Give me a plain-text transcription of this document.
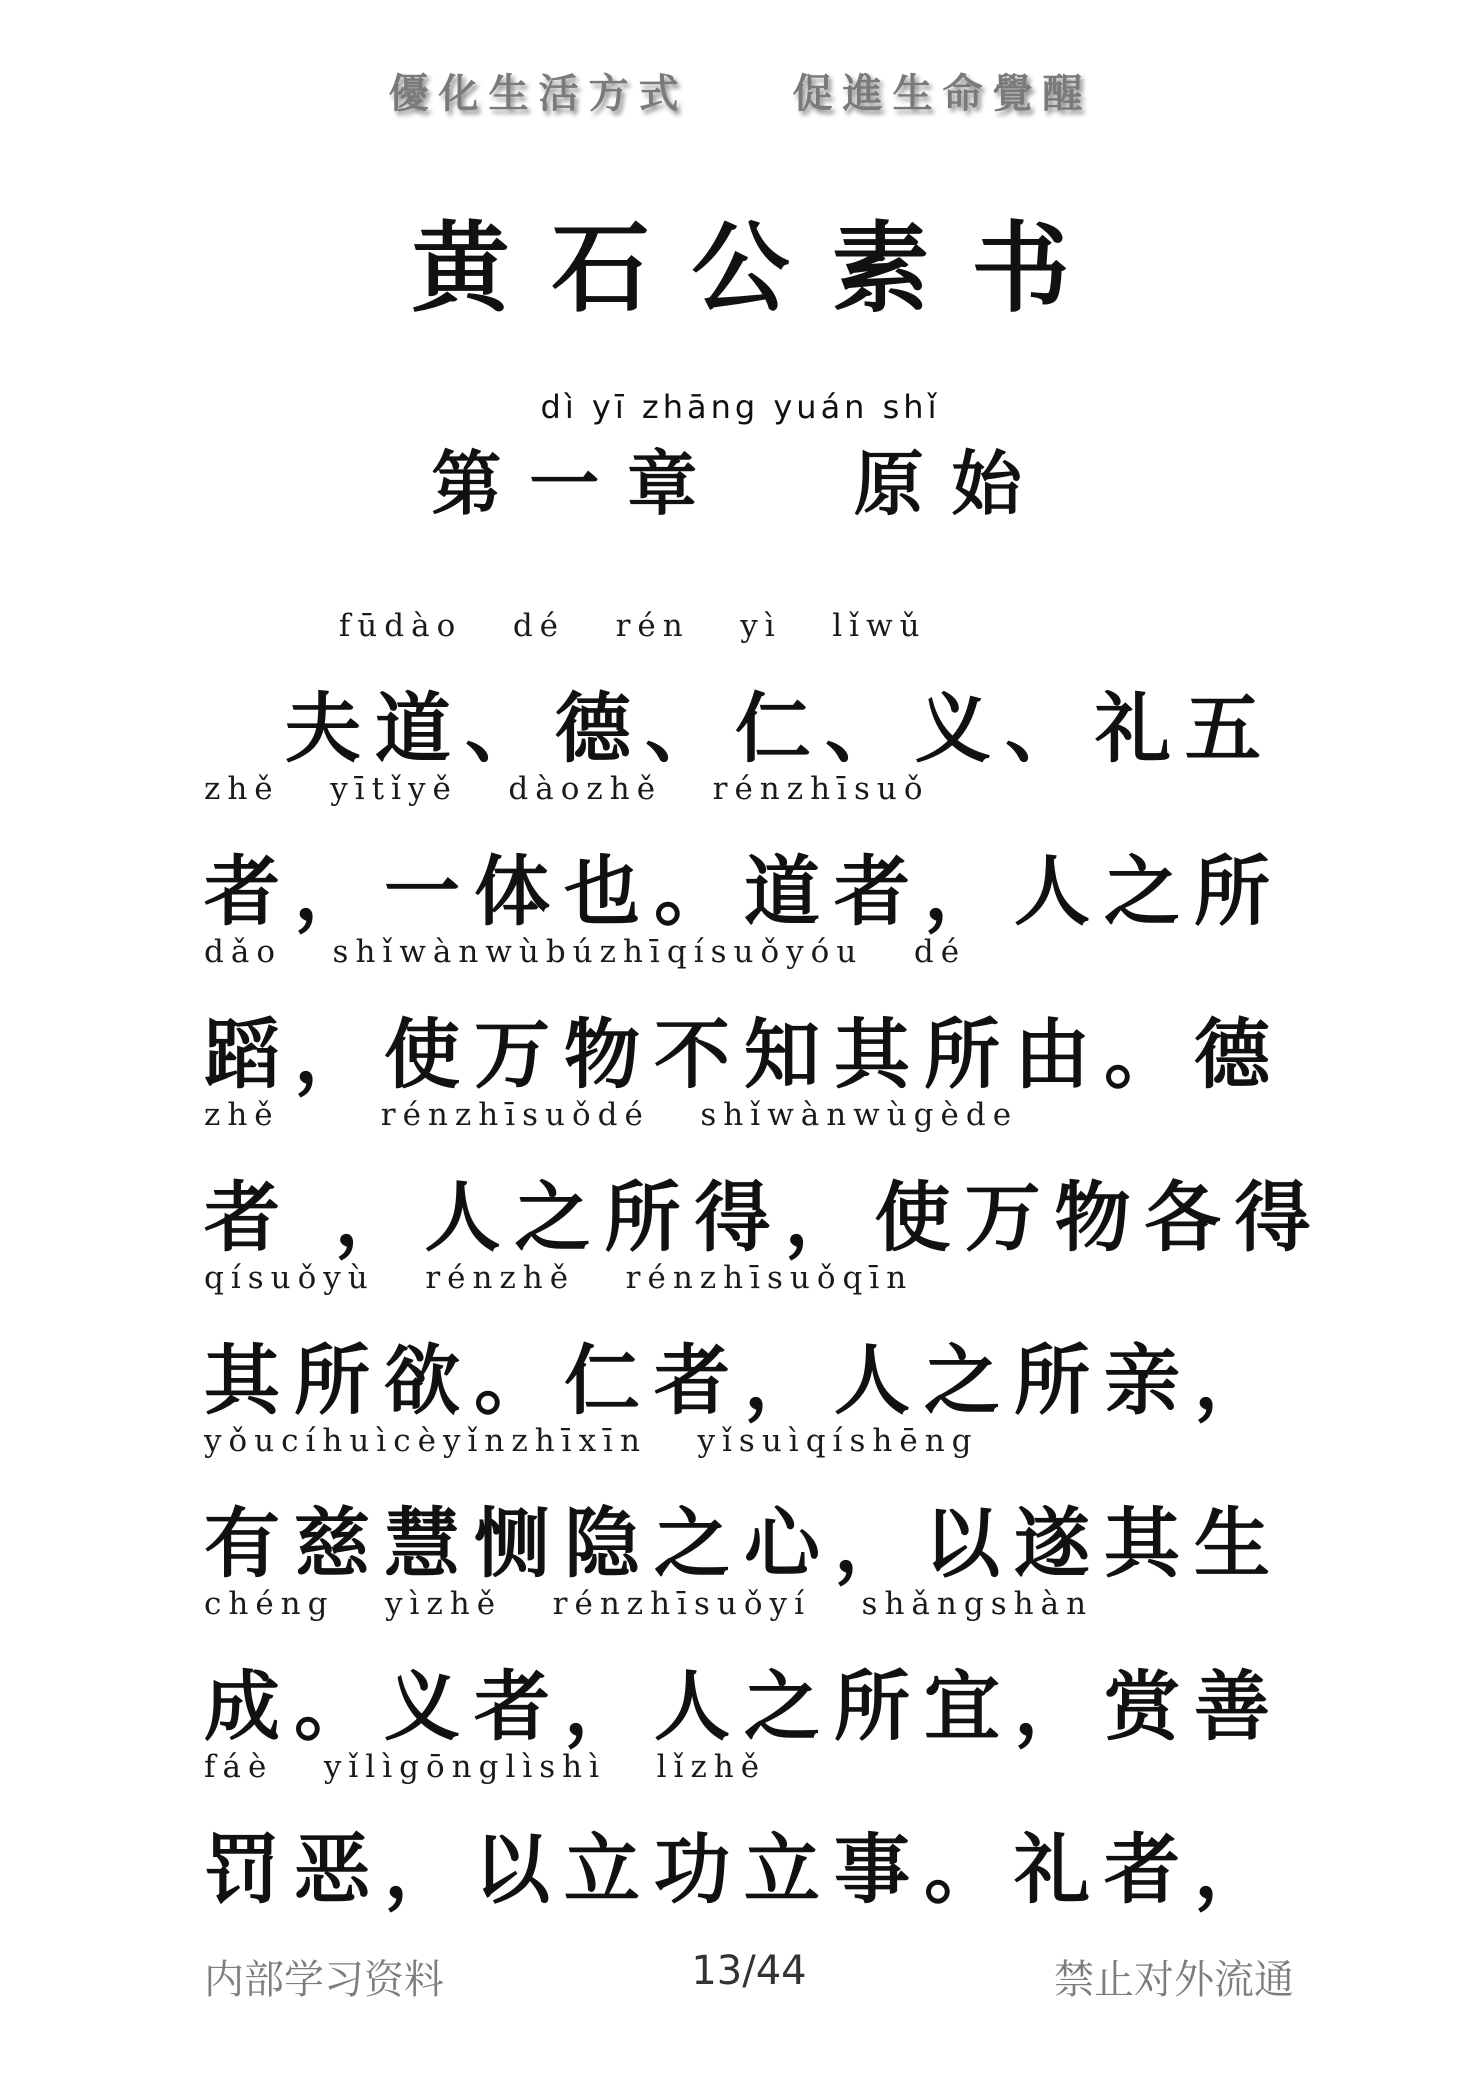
優化生活方式	促進生命覺醒
黄石公素书
dì yī zhāng yuán shǐ
第一章 原始
fūdào   dé   rén   yì   lǐwǔ
夫道、德、仁、义、礼五
zhě   yītǐyě   dàozhě   rénzhīsuǒ
者，一体也。道者，人之所
dǎo   shǐwànwùbúzhīqísuǒyóu   dé
蹈，使万物不知其所由。德
zhě      rénzhīsuǒdé   shǐwànwùgède
者 ，人之所得，使万物各得
qísuǒyù   rénzhě   rénzhīsuǒqīn
其所欲。仁者，人之所亲，
yǒucíhuìcèyǐnzhīxīn   yǐsuìqíshēng
有慈慧恻隐之心，以遂其生
chéng   yìzhě   rénzhīsuǒyí   shǎngshàn
成。义者，人之所宜，赏善
fáè   yǐlìgōnglìshì   lǐzhě
罚恶，以立功立事。礼者，
内部学习资料	13/44	禁止对外流通
